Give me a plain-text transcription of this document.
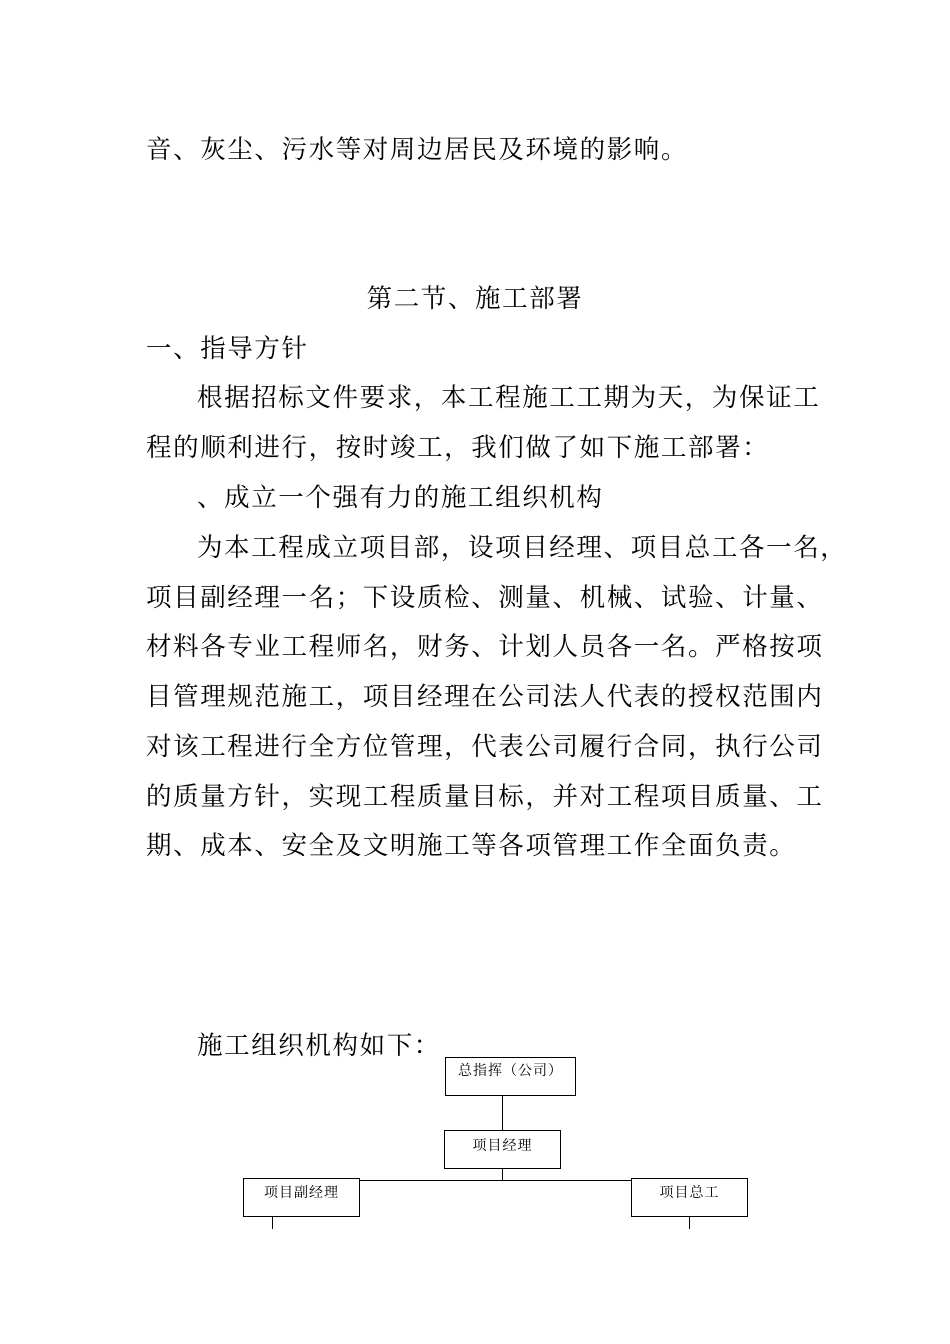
音、灰尘、污水等对周边居民及环境的影响。
第二节、施工部署
一、指导方针
根据招标文件要求，本工程施工工期为天，为保证工
程的顺利进行，按时竣工，我们做了如下施工部署：
、成立一个强有力的施工组织机构
为本工程成立项目部，设项目经理、项目总工各一名，
项目副经理一名；下设质检、测量、机械、试验、计量、
材料各专业工程师名，财务、计划人员各一名。严格按项
目管理规范施工，项目经理在公司法人代表的授权范围内
对该工程进行全方位管理，代表公司履行合同，执行公司
的质量方针，实现工程质量目标，并对工程项目质量、工
期、成本、安全及文明施工等各项管理工作全面负责。
施工组织机构如下：
总指挥（公司）
项目经理
项目副经理	项目总工
